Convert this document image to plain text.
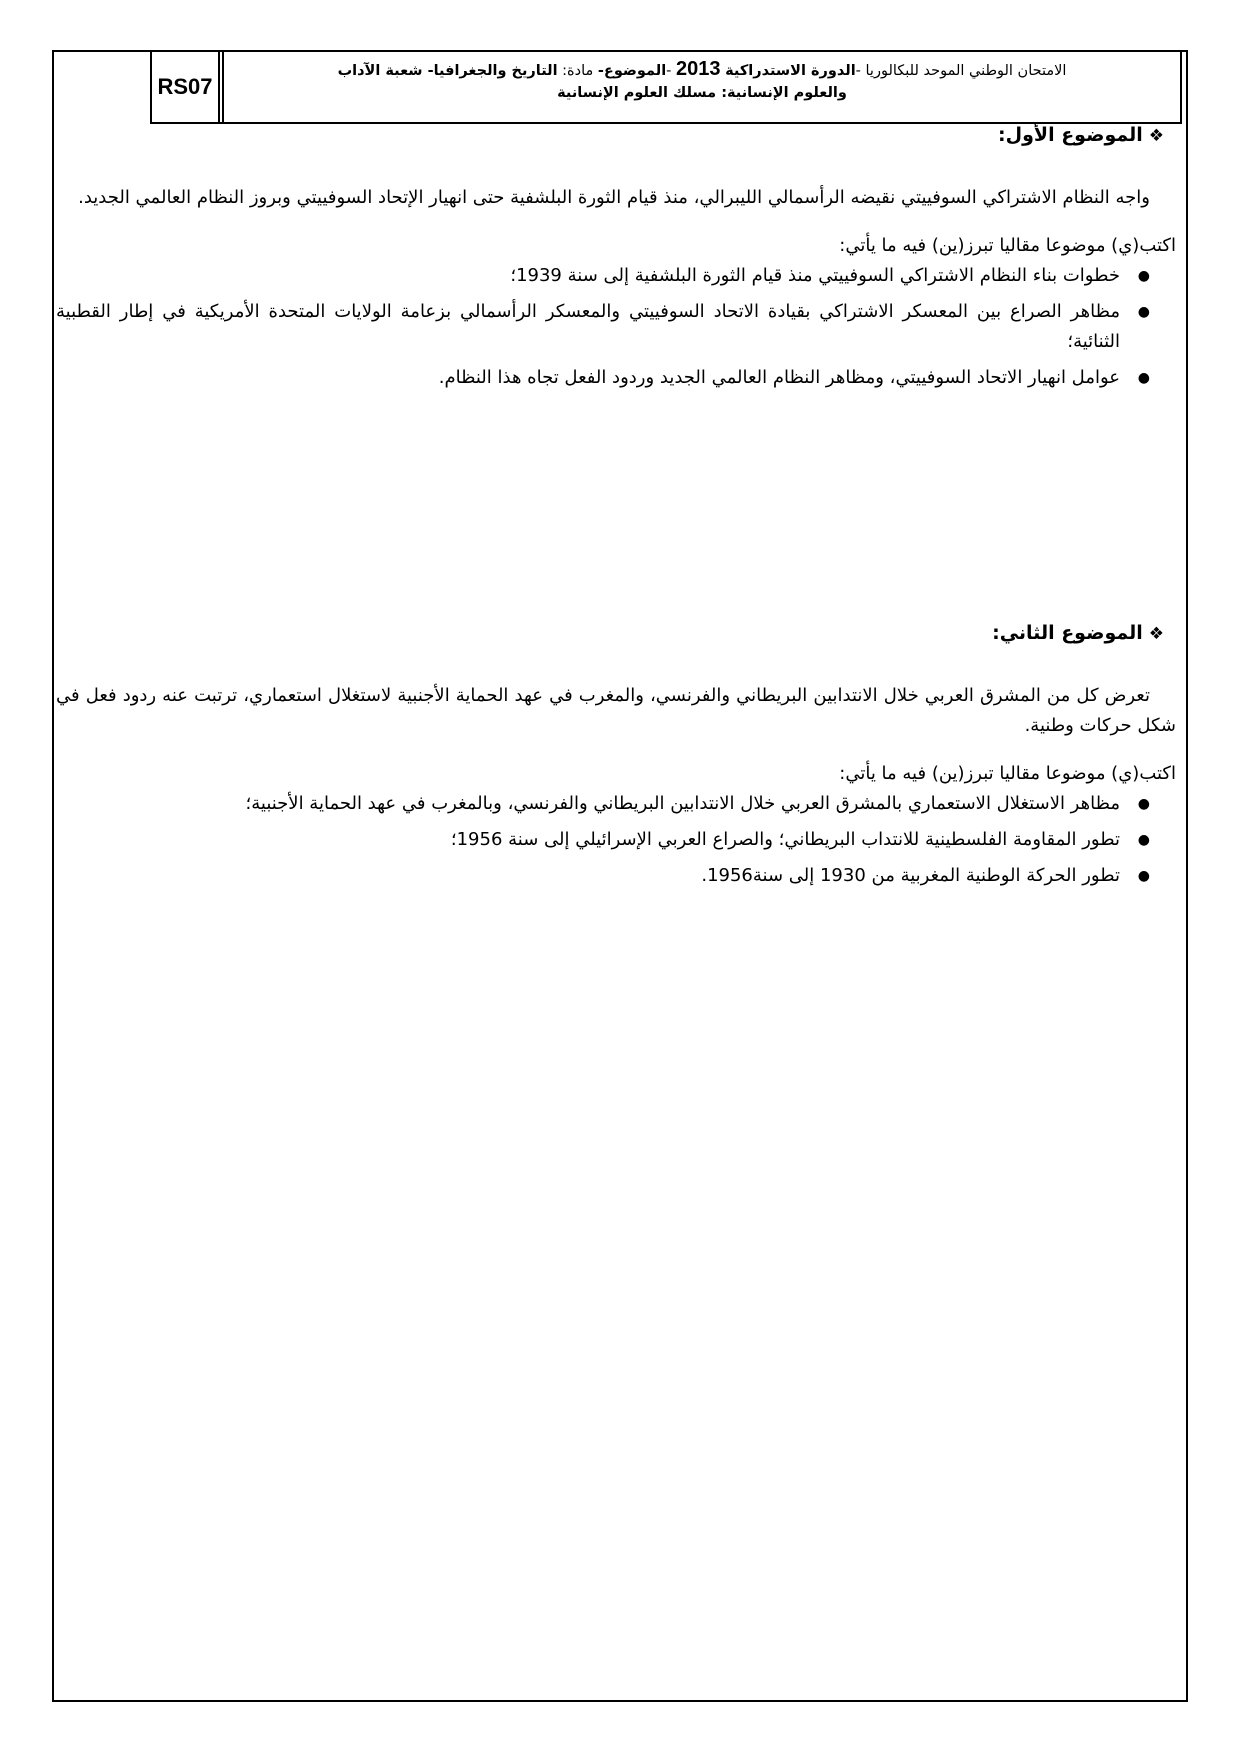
RS07
الامتحان الوطني الموحد للبكالوريا -الدورة الاستدراكية 2013 -الموضوع- مادة: التاريخ والجغرافيا- شعبة الآداب
والعلوم الإنسانية: مسلك العلوم الإنسانية

❖الموضوع الأول:

واجه النظام الاشتراكي السوفييتي نقيضه الرأسمالي الليبرالي، منذ قيام الثورة البلشفية حتى انهيار الإتحاد السوفييتي وبروز النظام العالمي الجديد.

اكتب(ي) موضوعا مقاليا تبرز(ين) فيه ما يأتي:

●
خطوات بناء النظام الاشتراكي السوفييتي منذ قيام الثورة البلشفية إلى سنة 1939؛
●
مظاهر الصراع بين المعسكر الاشتراكي بقيادة الاتحاد السوفييتي والمعسكر الرأسمالي بزعامة الولايات المتحدة الأمريكية في إطار القطبية الثنائية؛
●
عوامل انهيار الاتحاد السوفييتي، ومظاهر النظام العالمي الجديد وردود الفعل تجاه هذا النظام.

❖الموضوع الثاني:

تعرض كل من المشرق العربي خلال الانتدابين البريطاني والفرنسي، والمغرب في عهد الحماية الأجنبية لاستغلال استعماري، ترتبت عنه ردود فعل في شكل حركات وطنية.

اكتب(ي) موضوعا مقاليا تبرز(ين) فيه ما يأتي:

●
مظاهر الاستغلال الاستعماري بالمشرق العربي خلال الانتدابين البريطاني والفرنسي، وبالمغرب في عهد الحماية الأجنبية؛
●
تطور المقاومة الفلسطينية للانتداب البريطاني؛ والصراع العربي الإسرائيلي إلى سنة 1956؛
●
تطور الحركة الوطنية المغربية من 1930 إلى سنة1956.
